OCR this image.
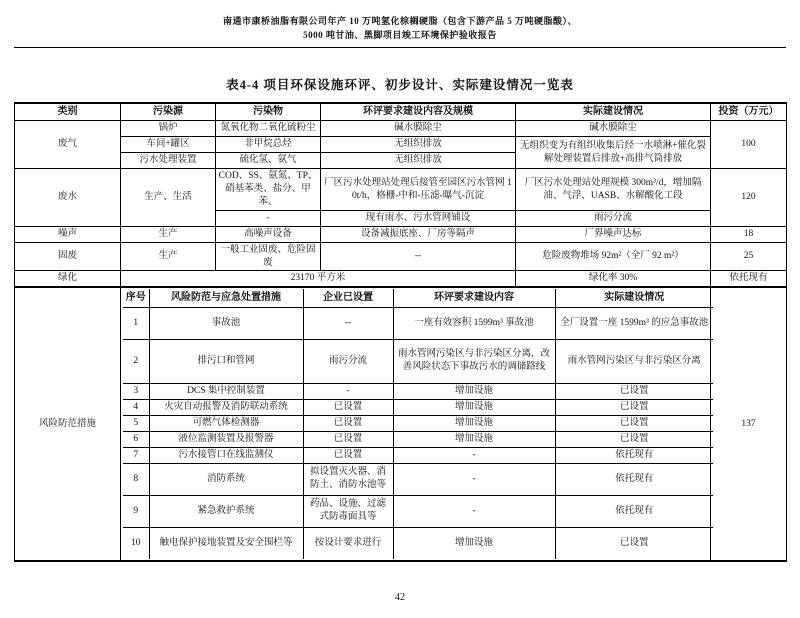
南通市康桥油脂有限公司年产 10 万吨氢化棕榈硬脂（包含下游产品 5 万吨硬脂酸）、
5000 吨甘油、黑脚项目竣工环境保护验收报告
表4-4 项目环保设施环评、初步设计、实际建设情况一览表
类别	污染源	污染物	环评要求建设内容及规模	实际建设情况	投资（万元）
废气	锅炉	氮氧化物二氧化硫粉尘	碱水膜除尘	碱水膜除尘	100
车间+罐区	非甲烷总烃	无组织排放	无组织变为有组织收集后经一水喷淋+催化裂解处理装置后排放+高排气筒排放
污水处理装置	硫化氢、氨气	无组织排放
废水	生产、生活	COD、SS、氨氮、TP、硝基苯类、盐分、甲苯、	厂区污水处理站处理后接管至园区污水管网 10t/h，格栅-中和-压滤-曝气-沉淀	厂区污水处理站处理规模 300m³/d，增加隔油、气浮、UASB、水解酸化工段	120
-	现有雨水、污水管网铺设	雨污分流
噪声	生产	高噪声设备	设备减振底座、厂房等隔声	厂界噪声达标	18
固废	生产	一般工业固废、危险固废	--	危险废物堆场 92m²（全厂 92 m²）	25
绿化	23170 平方米	绿化率 30%	依托现有
风险防范措施	
序号	风险防范与应急处置措施	企业已设置	环评要求建设内容	实际建设情况
1	事故池	--	一座有效容积 1599m³ 事故池	全厂设置一座 1599m³ 的应急事故池
2	排污口和管网	雨污分流	雨水管网污染区与非污染区分离，改善风险状态下事故污水的调储路线	雨水管网污染区与非污染区分离
3	DCS 集中控制装置	-	增加设施	已设置
4	火灾自动报警及消防联动系统	已设置	增加设施	已设置
5	可燃气体检测器	已设置	增加设施	已设置
6	液位监测装置及报警器	已设置	增加设施	已设置
7	污水接管口在线监测仪	已设置	-	依托现有
8	消防系统	拟设置灭火器、消防土、消防水池等	-	依托现有
9	紧急救护系统	药品、设施、过滤式防毒面具等	-	依托现有
10	触电保护接地装置及安全围栏等	按设计要求进行	增加设施	已设置
	137
42
